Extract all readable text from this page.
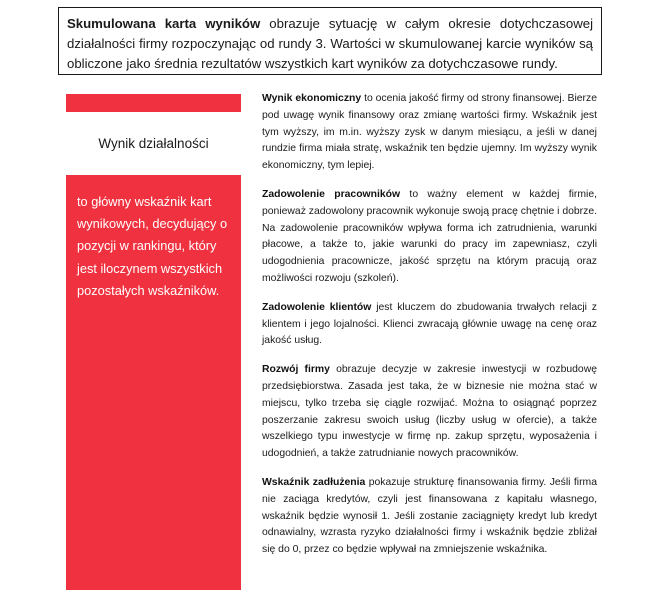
Skumulowana karta wyników obrazuje sytuację w całym okresie dotychczasowej działalności firmy rozpoczynając od rundy 3. Wartości w skumulowanej karcie wyników są obliczone jako średnia rezultatów wszystkich kart wyników za dotychczasowe rundy.
Wynik działalności

to główny wskaźnik kart wynikowych, decydujący o pozycji w rankingu, który jest iloczynem wszystkich pozostałych wskaźników.

Wynik ekonomiczny to ocenia jakość firmy od strony finansowej. Bierze pod uwagę wynik finansowy oraz zmianę wartości firmy. Wskaźnik jest tym wyższy, im m.in. wyższy zysk w danym miesiącu, a jeśli w danej rundzie firma miała stratę, wskaźnik ten będzie ujemny. Im wyższy wynik ekonomiczny, tym lepiej.

Zadowolenie pracowników to ważny element w każdej firmie, ponieważ zadowolony pracownik wykonuje swoją pracę chętnie i dobrze. Na zadowolenie pracowników wpływa forma ich zatrudnienia, warunki płacowe, a także to, jakie warunki do pracy im zapewniasz, czyli udogodnienia pracownicze, jakość sprzętu na którym pracują oraz możliwości rozwoju (szkoleń).

Zadowolenie klientów jest kluczem do zbudowania trwałych relacji z klientem i jego lojalności. Klienci zwracają głównie uwagę na cenę oraz jakość usług.

Rozwój firmy obrazuje decyzje w zakresie inwestycji w rozbudowę przedsiębiorstwa. Zasada jest taka, że w biznesie nie można stać w miejscu, tylko trzeba się ciągle rozwijać. Można to osiągnąć poprzez poszerzanie zakresu swoich usług (liczby usług w ofercie), a także wszelkiego typu inwestycje w firmę np. zakup sprzętu, wyposażenia i udogodnień, a także zatrudnianie nowych pracowników.

Wskaźnik zadłużenia pokazuje strukturę finansowania firmy. Jeśli firma nie zaciąga kredytów, czyli jest finansowana z kapitału własnego, wskaźnik będzie wynosił 1. Jeśli zostanie zaciągnięty kredyt lub kredyt odnawialny, wzrasta ryzyko działalności firmy i wskaźnik będzie zbliżał się do 0, przez co będzie wpływał na zmniejszenie wskaźnika.
